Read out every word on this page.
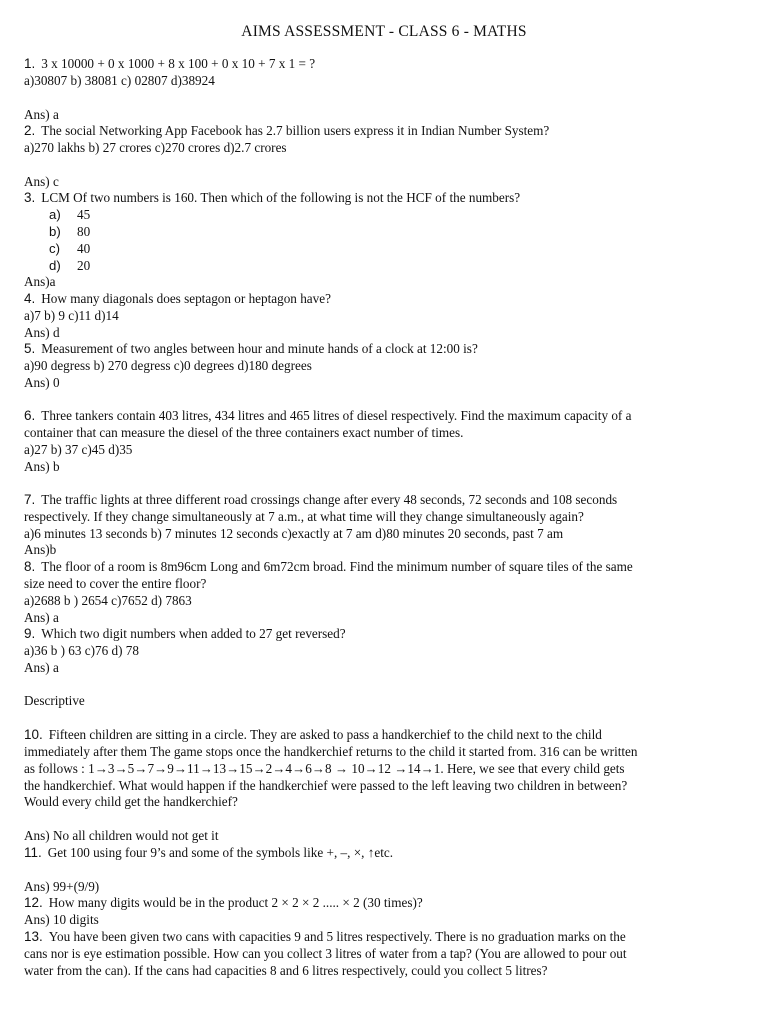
AIMS ASSESSMENT - CLASS 6 - MATHS
1. 3 x 10000 + 0 x 1000 + 8 x 100 + 0 x 10 + 7 x 1 = ?
a)30807 b) 38081 c) 02807 d)38924
Ans) a
2. The social Networking App Facebook has 2.7 billion users express it in Indian Number System?
a)270 lakhs b) 27 crores c)270 crores d)2.7 crores
Ans) c
3. LCM Of two numbers is 160. Then which of the following is not the HCF of the numbers?
a) 45
b) 80
c) 40
d) 20
Ans)a
4. How many diagonals does septagon or heptagon have?
a)7 b) 9 c)11 d)14
Ans) d
5. Measurement of two angles between hour and minute hands of a clock at 12:00 is?
a)90 degress b) 270 degress c)0 degrees d)180 degrees
Ans) 0
6. Three tankers contain 403 litres, 434 litres and 465 litres of diesel respectively. Find the maximum capacity of a
container that can measure the diesel of the three containers exact number of times.
a)27 b) 37 c)45 d)35
Ans) b
7. The traffic lights at three different road crossings change after every 48 seconds, 72 seconds and 108 seconds
respectively. If they change simultaneously at 7 a.m., at what time will they change simultaneously again?
a)6 minutes 13 seconds b) 7 minutes 12 seconds c)exactly at 7 am d)80 minutes 20 seconds, past 7 am
Ans)b
8. The floor of a room is 8m96cm Long and 6m72cm broad. Find the minimum number of square tiles of the same
size need to cover the entire floor?
a)2688 b ) 2654 c)7652 d) 7863
Ans) a
9. Which two digit numbers when added to 27 get reversed?
a)36 b ) 63 c)76 d) 78
Ans) a
Descriptive
10. Fifteen children are sitting in a circle. They are asked to pass a handkerchief to the child next to the child
immediately after them The game stops once the handkerchief returns to the child it started from. 316 can be written
as follows : 1→3→5→7→9→11→13→15→2→4→6→8 → 10→12 →14→1. Here, we see that every child gets
the handkerchief. What would happen if the handkerchief were passed to the left leaving two children in between?
Would every child get the handkerchief?
Ans) No all children would not get it
11. Get 100 using four 9’s and some of the symbols like +, –, ×, ↑etc.
Ans) 99+(9/9)
12. How many digits would be in the product 2 × 2 × 2 ..... × 2 (30 times)?
Ans) 10 digits
13. You have been given two cans with capacities 9 and 5 litres respectively. There is no graduation marks on the
cans nor is eye estimation possible. How can you collect 3 litres of water from a tap? (You are allowed to pour out
water from the can). If the cans had capacities 8 and 6 litres respectively, could you collect 5 litres?
